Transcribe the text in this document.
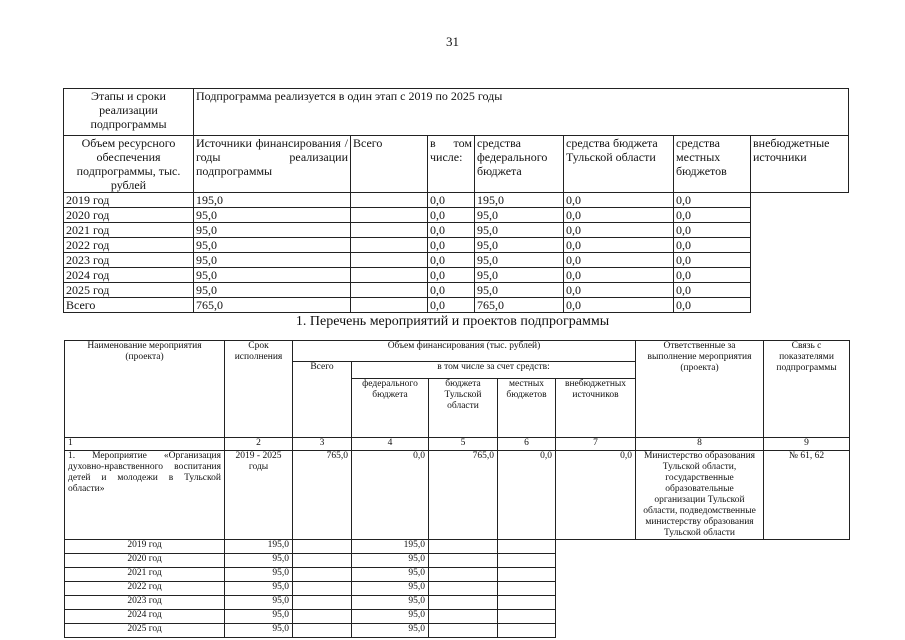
31
Этапы и сроки реализации подпрограммы	Подпрограмма реализуется в один этап с 2019 по 2025 годы						
Объем ресурсного обеспечения подпрограммы, тыс. рублей	Источники финансирования / годы реализации подпрограммы	Всего	в том числе:	средства федерального бюджета	средства бюджета Тульской области	средства местных бюджетов	внебюджетные источники
2019 год	195,0		0,0	195,0	0,0	0,0	
2020 год	95,0		0,0	95,0	0,0	0,0	
2021 год	95,0		0,0	95,0	0,0	0,0	
2022 год	95,0		0,0	95,0	0,0	0,0	
2023 год	95,0		0,0	95,0	0,0	0,0	
2024 год	95,0		0,0	95,0	0,0	0,0	
2025 год	95,0		0,0	95,0	0,0	0,0	
Всего	765,0		0,0	765,0	0,0	0,0	
1. Перечень мероприятий и проектов подпрограммы
Наименование мероприятия (проекта)	Срок исполнения	Объем финансирования (тыс. рублей)					Ответственные за выполнение мероприятия (проекта)	Связь с показателями подпрограммы
		Всего	в том числе за счет средств:					
			федерального бюджета	бюджета Тульской области	местных бюджетов	внебюджетных источников		
1	2	3	4	5	6	7	8	9
1. Мероприятие «Организация духовно-нравственного воспитания детей и молодежи в Тульской области»	2019 - 2025 годы	765,0	0,0	765,0	0,0	0,0	Министерство образования Тульской области, государственные образовательные организации Тульской области, подведомственные министерству образования Тульской области	№ 61, 62
2019 год	195,0		195,0					
2020 год	95,0		95,0					
2021 год	95,0		95,0					
2022 год	95,0		95,0					
2023 год	95,0		95,0					
2024 год	95,0		95,0					
2025 год	95,0		95,0					
